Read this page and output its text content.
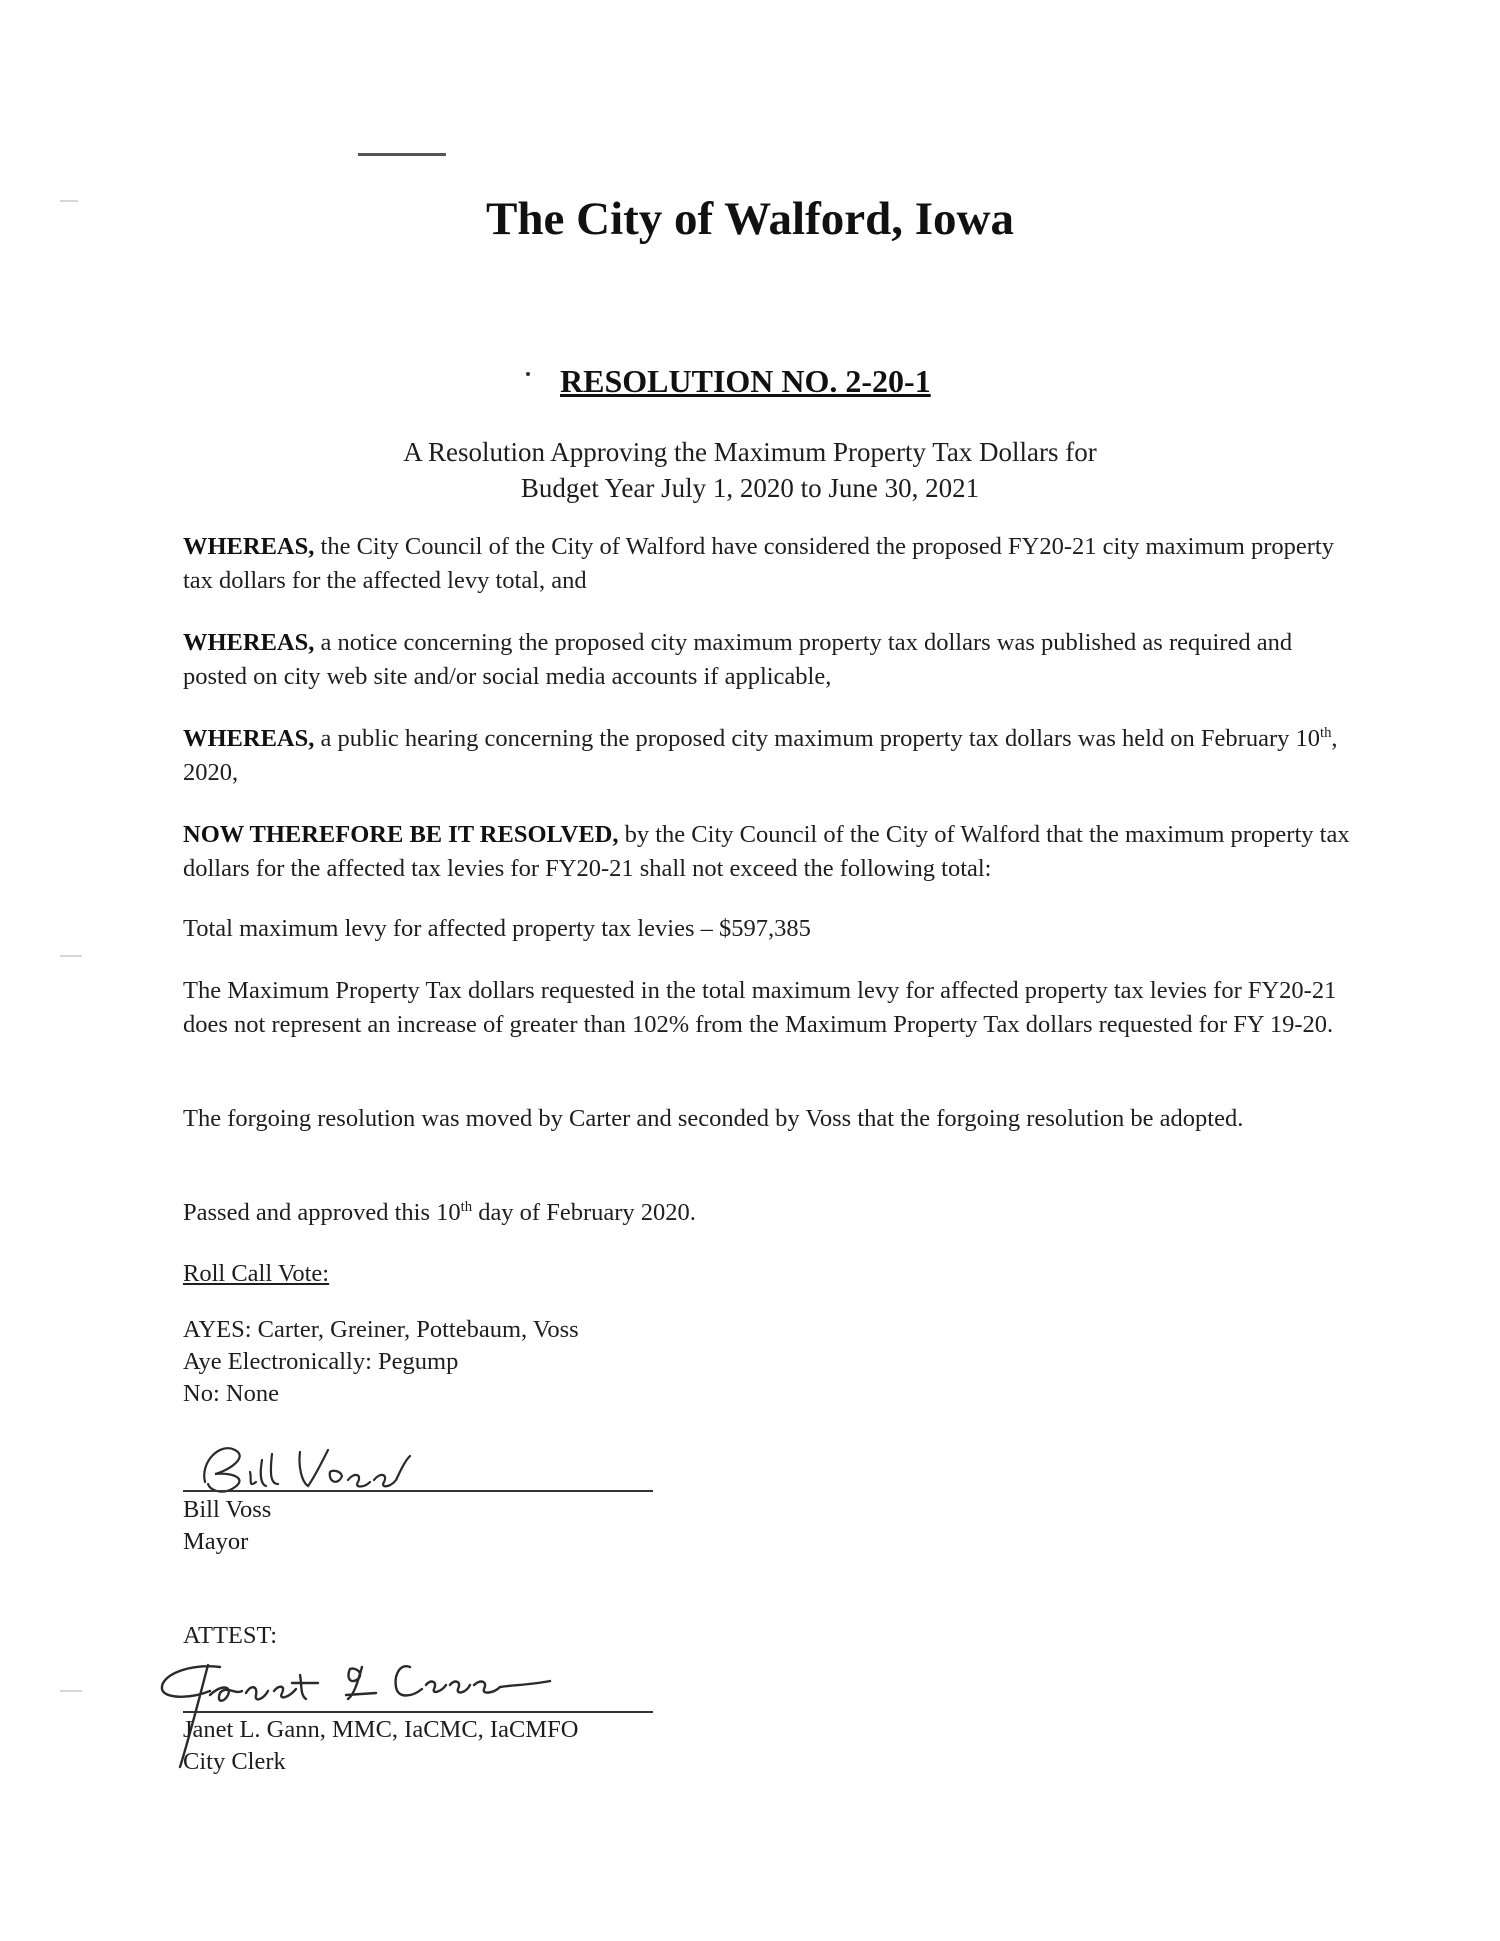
The City of Walford, Iowa
RESOLUTION NO. 2-20-1
A Resolution Approving the Maximum Property Tax Dollars for
Budget Year July 1, 2020 to June 30, 2021

WHEREAS, the City Council of the City of Walford have considered the proposed FY20-21 city maximum property tax dollars for the affected levy total, and

WHEREAS, a notice concerning the proposed city maximum property tax dollars was published as required and posted on city web site and/or social media accounts if applicable,

WHEREAS, a public hearing concerning the proposed city maximum property tax dollars was held on February 10th, 2020,

NOW THEREFORE BE IT RESOLVED, by the City Council of the City of Walford that the maximum property tax dollars for the affected tax levies for FY20-21 shall not exceed the following total:

Total maximum levy for affected property tax levies – $597,385

The Maximum Property Tax dollars requested in the total maximum levy for affected property tax levies for FY20-21 does not represent an increase of greater than 102% from the Maximum Property Tax dollars requested for FY 19-20.

The forgoing resolution was moved by Carter and seconded by Voss that the forgoing resolution be adopted.

Passed and approved this 10th day of February 2020.

Roll Call Vote:

AYES: Carter, Greiner, Pottebaum, Voss
Aye Electronically: Pegump
No: None
Bill Voss
Mayor
ATTEST:
Janet L. Gann, MMC, IaCMC, IaCMFO
City Clerk
